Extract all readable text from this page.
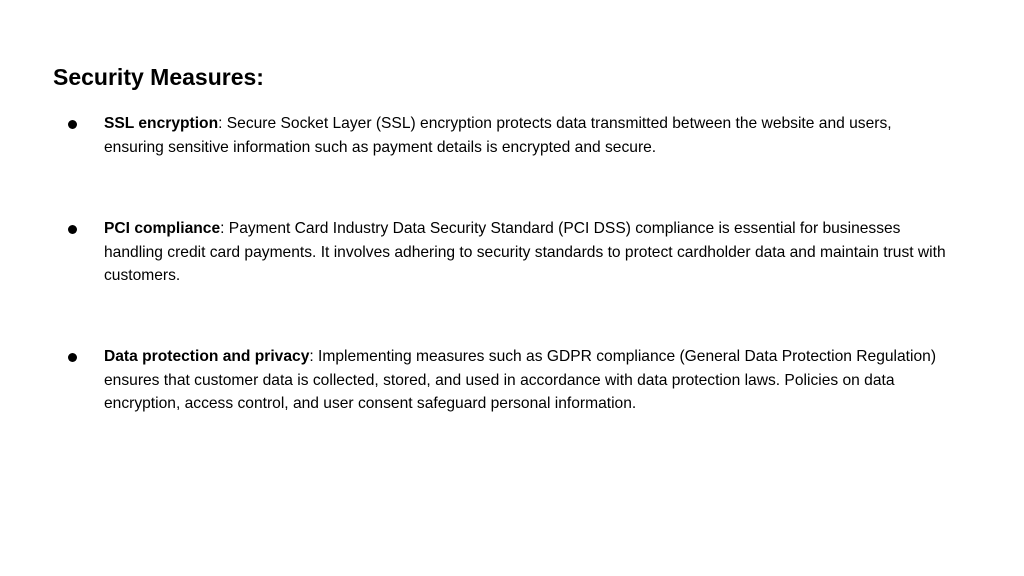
Security Measures:
SSL encryption: Secure Socket Layer (SSL) encryption protects data transmitted between the website and users, ensuring sensitive information such as payment details is encrypted and secure.
PCI compliance: Payment Card Industry Data Security Standard (PCI DSS) compliance is essential for businesses handling credit card payments. It involves adhering to security standards to protect cardholder data and maintain trust with customers.
Data protection and privacy: Implementing measures such as GDPR compliance (General Data Protection Regulation) ensures that customer data is collected, stored, and used in accordance with data protection laws. Policies on data encryption, access control, and user consent safeguard personal information.
